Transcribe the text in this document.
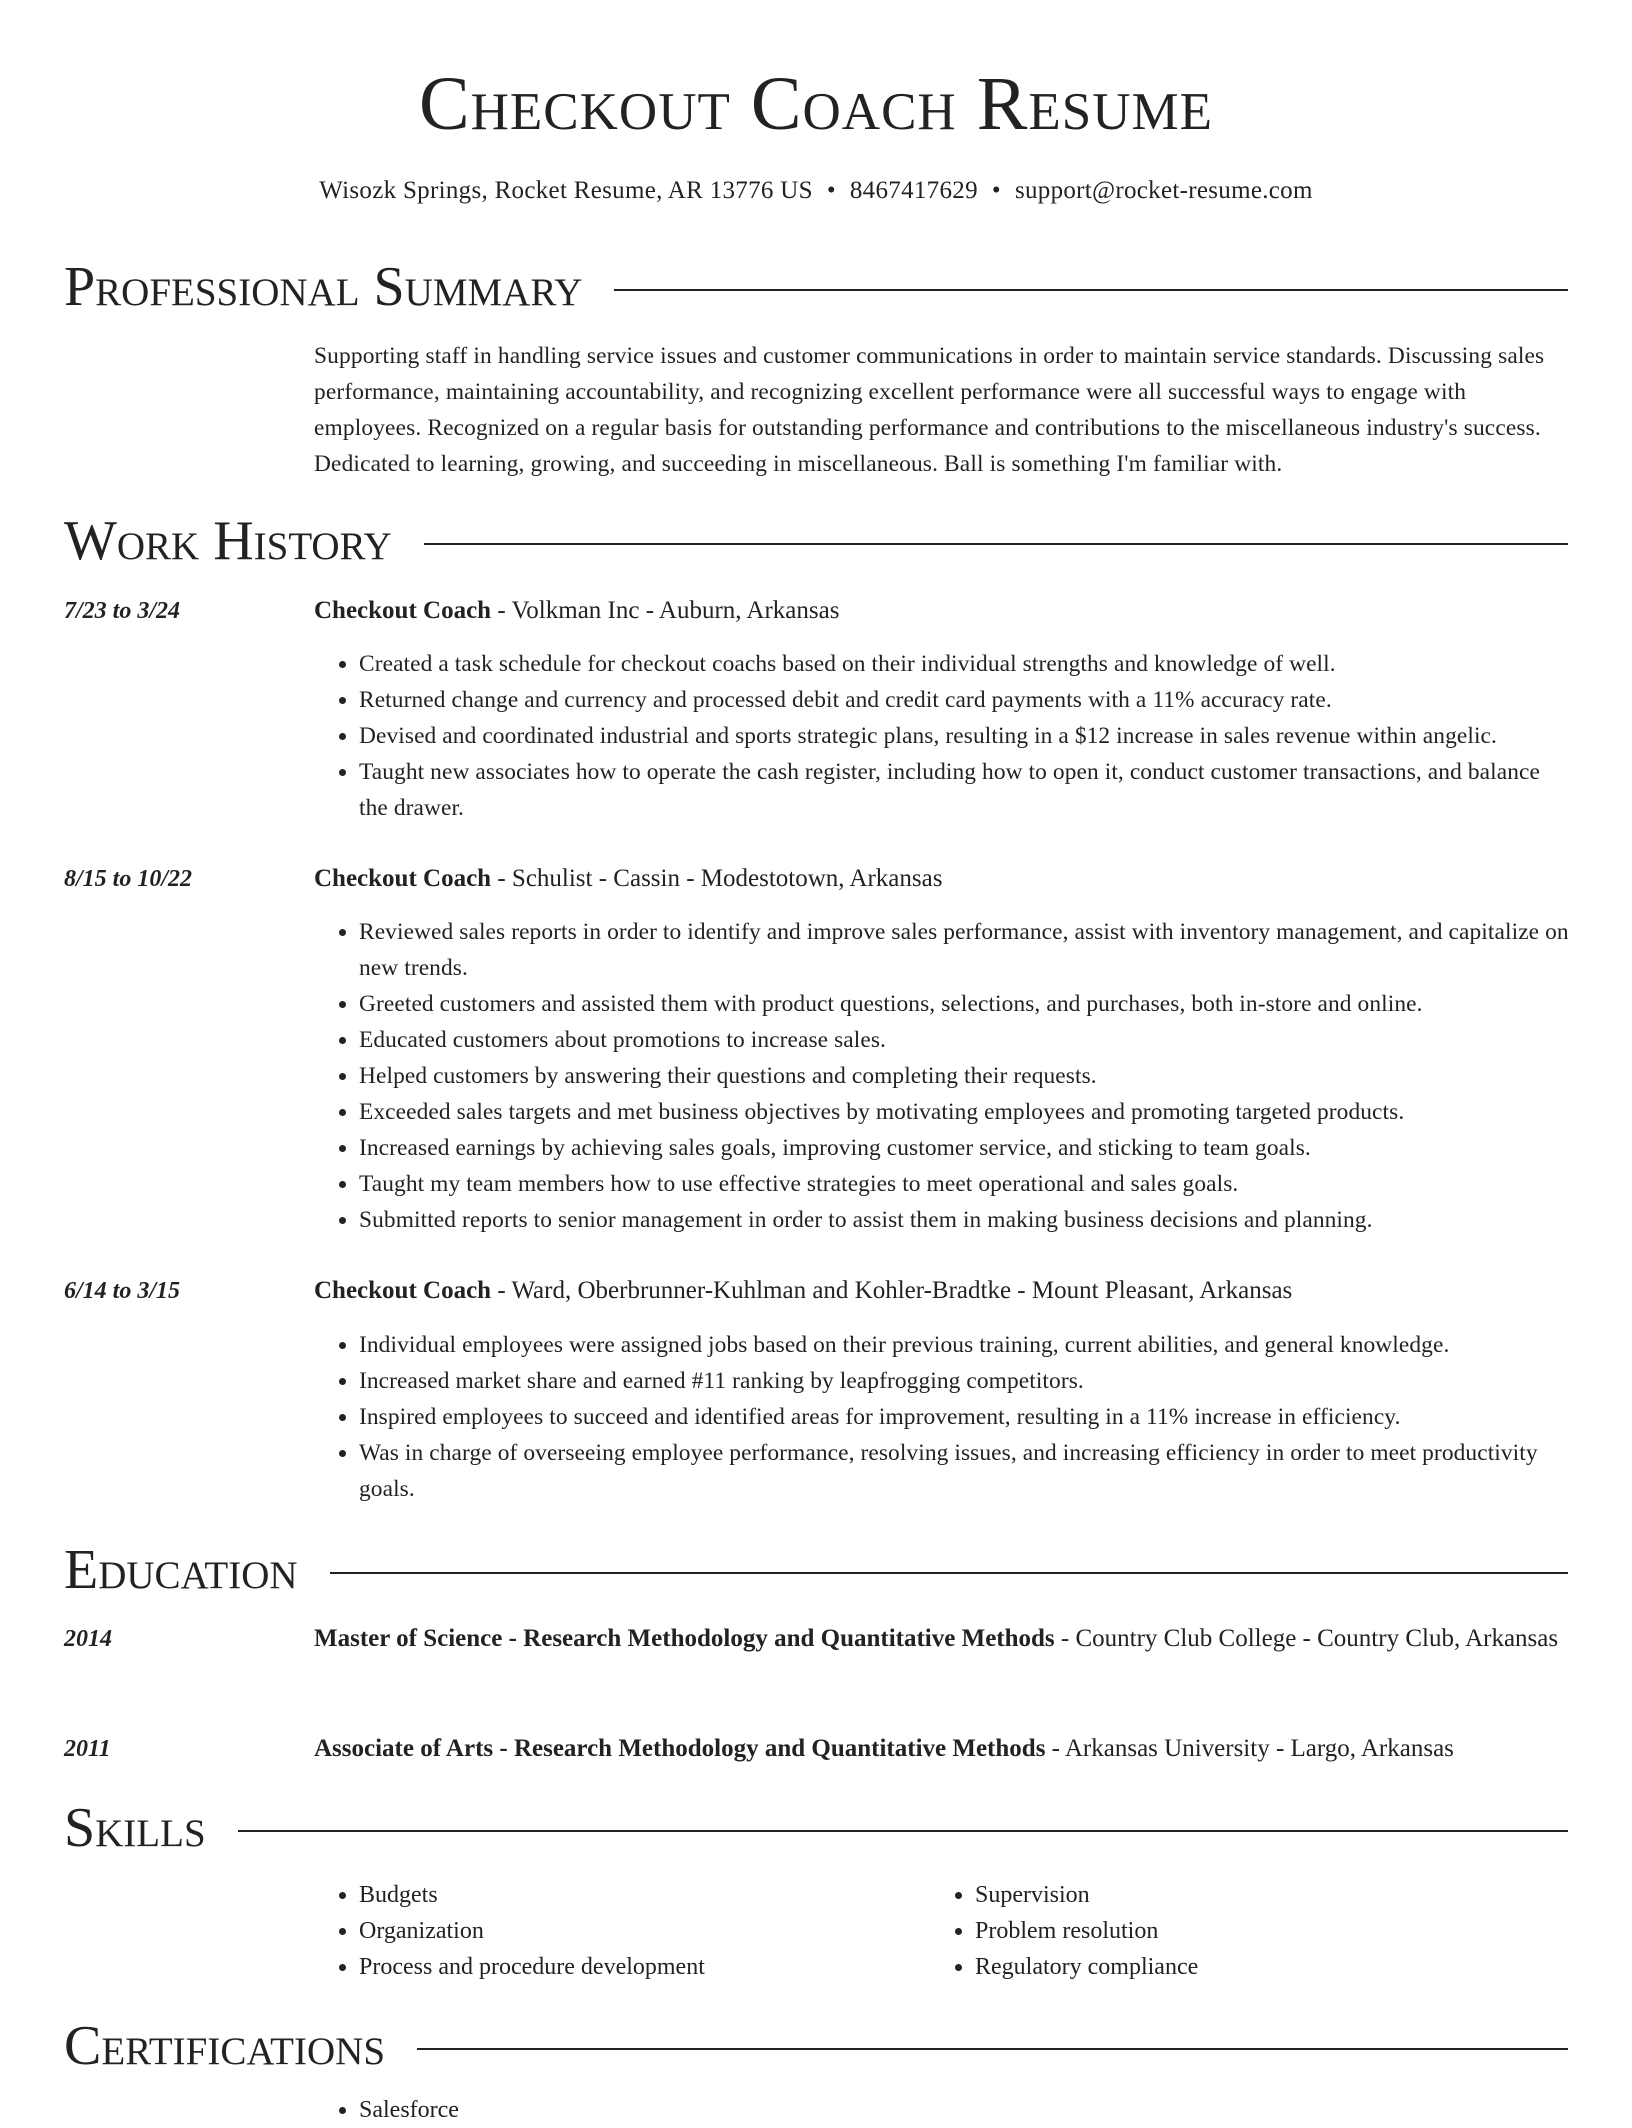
Checkout Coach Resume
Wisozk Springs, Rocket Resume, AR 13776 US • 8467417629 • support@rocket-resume.com
Professional Summary
Supporting staff in handling service issues and customer communications in order to maintain service standards. Discussing sales performance, maintaining accountability, and recognizing excellent performance were all successful ways to engage with employees. Recognized on a regular basis for outstanding performance and contributions to the miscellaneous industry's success. Dedicated to learning, growing, and succeeding in miscellaneous. Ball is something I'm familiar with.
Work History
7/23 to 3/24	Checkout Coach - Volkman Inc - Auburn, Arkansas
• Created a task schedule for checkout coachs based on their individual strengths and knowledge of well.
• Returned change and currency and processed debit and credit card payments with a 11% accuracy rate.
• Devised and coordinated industrial and sports strategic plans, resulting in a $12 increase in sales revenue within angelic.
• Taught new associates how to operate the cash register, including how to open it, conduct customer transactions, and balance the drawer.
8/15 to 10/22	Checkout Coach - Schulist - Cassin - Modestotown, Arkansas
• Reviewed sales reports in order to identify and improve sales performance, assist with inventory management, and capitalize on new trends.
• Greeted customers and assisted them with product questions, selections, and purchases, both in-store and online.
• Educated customers about promotions to increase sales.
• Helped customers by answering their questions and completing their requests.
• Exceeded sales targets and met business objectives by motivating employees and promoting targeted products.
• Increased earnings by achieving sales goals, improving customer service, and sticking to team goals.
• Taught my team members how to use effective strategies to meet operational and sales goals.
• Submitted reports to senior management in order to assist them in making business decisions and planning.
6/14 to 3/15	Checkout Coach - Ward, Oberbrunner-Kuhlman and Kohler-Bradtke - Mount Pleasant, Arkansas
• Individual employees were assigned jobs based on their previous training, current abilities, and general knowledge.
• Increased market share and earned #11 ranking by leapfrogging competitors.
• Inspired employees to succeed and identified areas for improvement, resulting in a 11% increase in efficiency.
• Was in charge of overseeing employee performance, resolving issues, and increasing efficiency in order to meet productivity goals.
Education
2014	Master of Science - Research Methodology and Quantitative Methods - Country Club College - Country Club, Arkansas
2011	Associate of Arts - Research Methodology and Quantitative Methods - Arkansas University - Largo, Arkansas
Skills
• Budgets
• Organization
• Process and procedure development
• Supervision
• Problem resolution
• Regulatory compliance
Certifications
• Salesforce
